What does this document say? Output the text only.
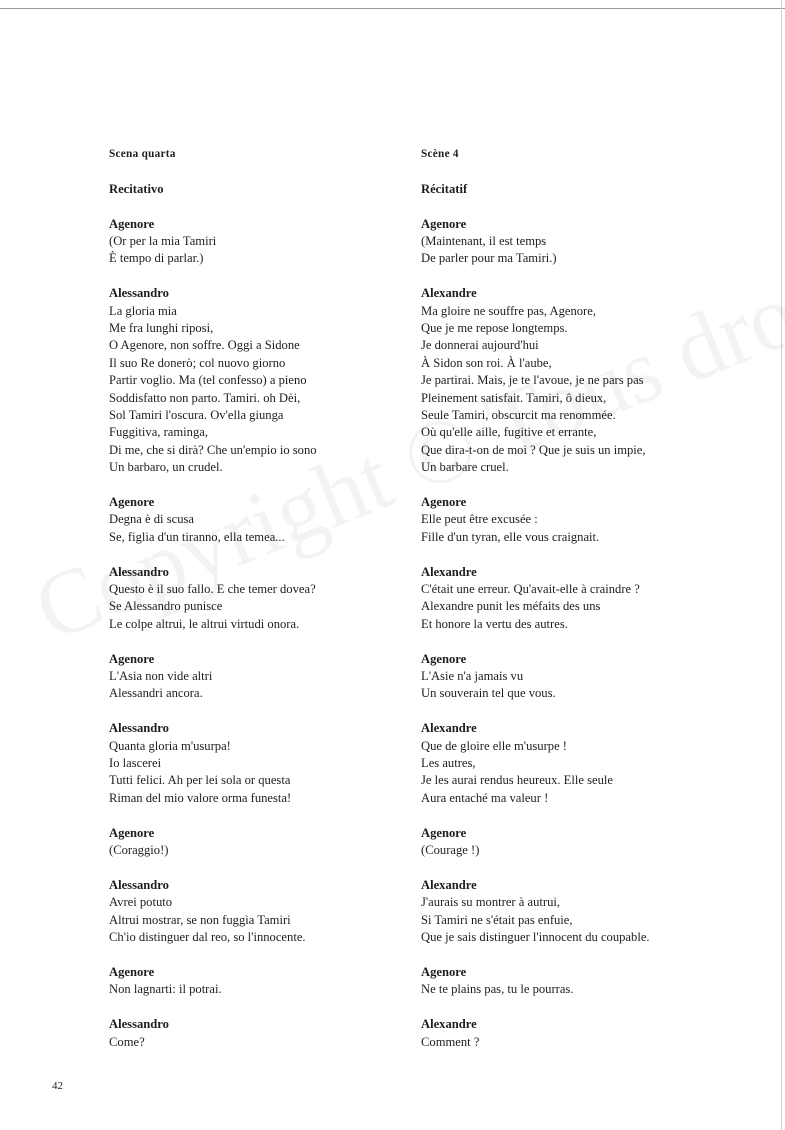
Scena quarta
Recitativo
Agenore
(Or per la mia Tamiri
È tempo di parlar.)
Alessandro
La gloria mia
Me fra lunghi riposi,
O Agenore, non soffre. Oggi a Sidone
Il suo Re donerò; col nuovo giorno
Partir voglio. Ma (tel confesso) a pieno
Soddisfatto non parto. Tamiri. oh Dèi,
Sol Tamiri l'oscura. Ov'ella giunga
Fuggitiva, raminga,
Di me, che si dirà? Che un'empio io sono
Un barbaro, un crudel.
Agenore
Degna è di scusa
Se, figlia d'un tiranno, ella temea...
Alessandro
Questo è il suo fallo. E che temer dovea?
Se Alessandro punisce
Le colpe altrui, le altrui virtudi onora.
Agenore
L'Asia non vide altri
Alessandri ancora.
Alessandro
Quanta gloria m'usurpa!
Io lascerei
Tutti felici. Ah per lei sola or questa
Riman del mio valore orma funesta!
Agenore
(Coraggio!)
Alessandro
Avrei potuto
Altrui mostrar, se non fuggìa Tamiri
Ch'io distinguer dal reo, so l'innocente.
Agenore
Non lagnarti: il potrai.
Alessandro
Come?
Scène 4
Récitatif
Agenore
(Maintenant, il est temps
De parler pour ma Tamiri.)
Alexandre
Ma gloire ne souffre pas, Agenore,
Que je me repose longtemps.
Je donnerai aujourd'hui
À Sidon son roi. À l'aube,
Je partirai. Mais, je te l'avoue, je ne pars pas
Pleinement satisfait. Tamiri, ô dieux,
Seule Tamiri, obscurcit ma renommée.
Où qu'elle aille, fugitive et errante,
Que dira-t-on de moi ? Que je suis un impie,
Un barbare cruel.
Agenore
Elle peut être excusée :
Fille d'un tyran, elle vous craignait.
Alexandre
C'était une erreur. Qu'avait-elle à craindre ?
Alexandre punit les méfaits des uns
Et honore la vertu des autres.
Agenore
L'Asie n'a jamais vu
Un souverain tel que vous.
Alexandre
Que de gloire elle m'usurpe !
Les autres,
Je les aurai rendus heureux. Elle seule
Aura entaché ma valeur !
Agenore
(Courage !)
Alexandre
J'aurais su montrer à autrui,
Si Tamiri ne s'était pas enfuie,
Que je sais distinguer l'innocent du coupable.
Agenore
Ne te plains pas, tu le pourras.
Alexandre
Comment ?
42
